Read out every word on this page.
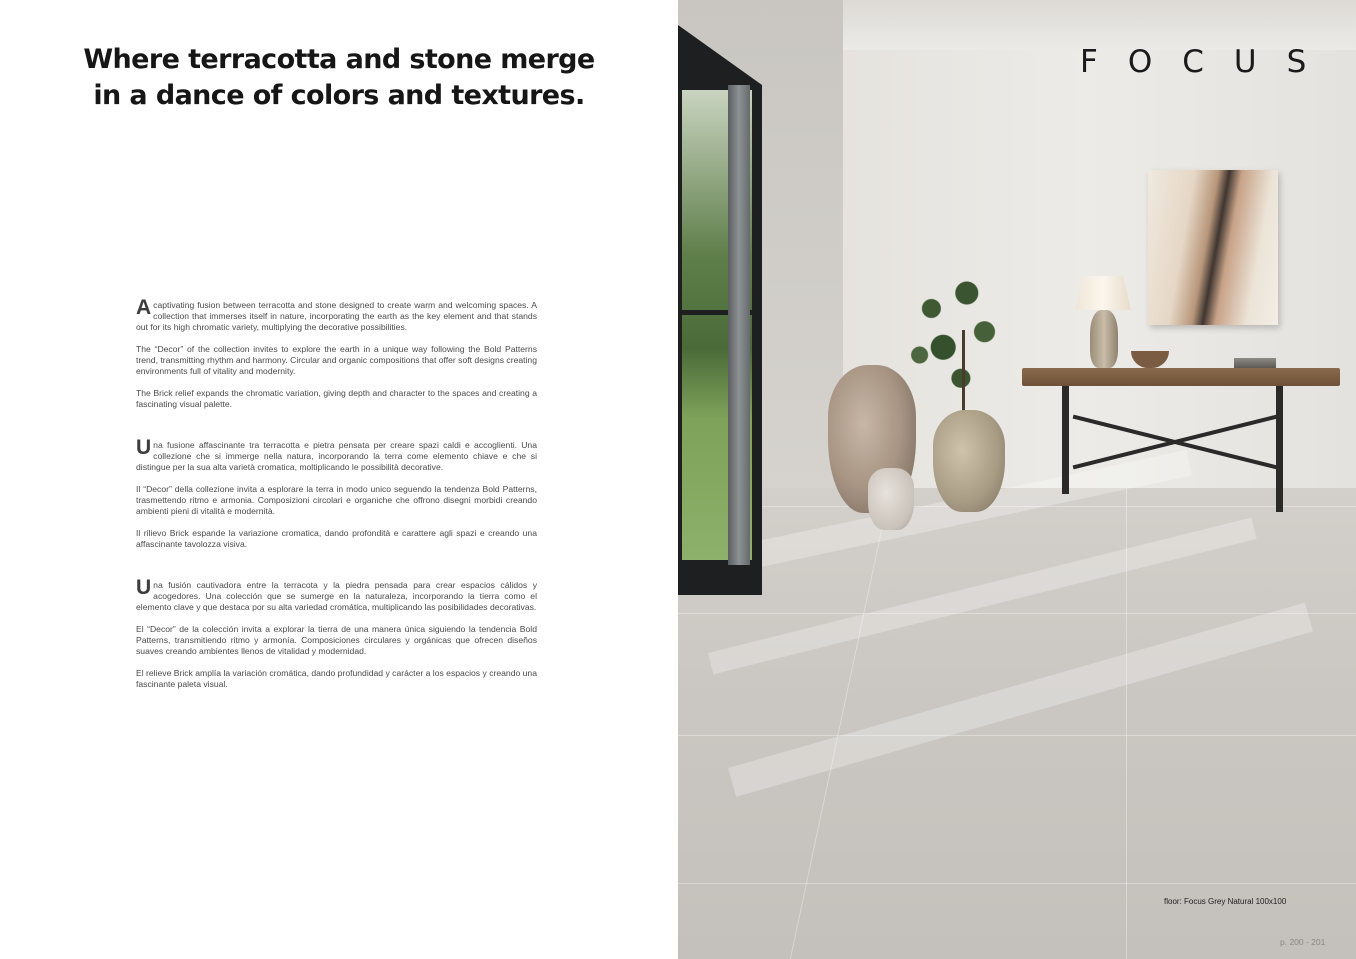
Where terracotta and stone merge
in a dance of colors and textures.

A captivating fusion between terracotta and stone designed to create warm and welcoming spaces. A collection that immerses itself in nature, incorporating the earth as the key element and that stands out for its high chromatic variety, multiplying the decorative possibilities.

The “Decor” of the collection invites to explore the earth in a unique way following the Bold Patterns trend, transmitting rhythm and harmony. Circular and organic compositions that offer soft designs creating environments full of vitality and modernity.

The Brick relief expands the chromatic variation, giving depth and character to the spaces and creating a fascinating visual palette.

Una fusione affascinante tra terracotta e pietra pensata per creare spazi caldi e accoglienti. Una collezione che si immerge nella natura, incorporando la terra come elemento chiave e che si distingue per la sua alta varietà cromatica, moltiplicando le possibilità decorative.

Il “Decor” della collezione invita a esplorare la terra in modo unico seguendo la tendenza Bold Patterns, trasmettendo ritmo e armonia. Composizioni circolari e organiche che offrono disegni morbidi creando ambienti pieni di vitalità e modernità.

Il rilievo Brick espande la variazione cromatica, dando profondità e carattere agli spazi e creando una affascinante tavolozza visiva.

Una fusión cautivadora entre la terracota y la piedra pensada para crear espacios cálidos y acogedores. Una colección que se sumerge en la naturaleza, incorporando la tierra como el elemento clave y que destaca por su alta variedad cromática, multiplicando las posibilidades decorativas.

El “Decor” de la colección invita a explorar la tierra de una manera única siguiendo la tendencia Bold Patterns, transmitiendo ritmo y armonía. Composiciones circulares y orgánicas que ofrecen diseños suaves creando ambientes llenos de vitalidad y modernidad.

El relieve Brick amplía la variación cromática, dando profundidad y carácter a los espacios y creando una fascinante paleta visual.

FOCUS
floor: Focus Grey Natural 100x100
p. 200 - 201
